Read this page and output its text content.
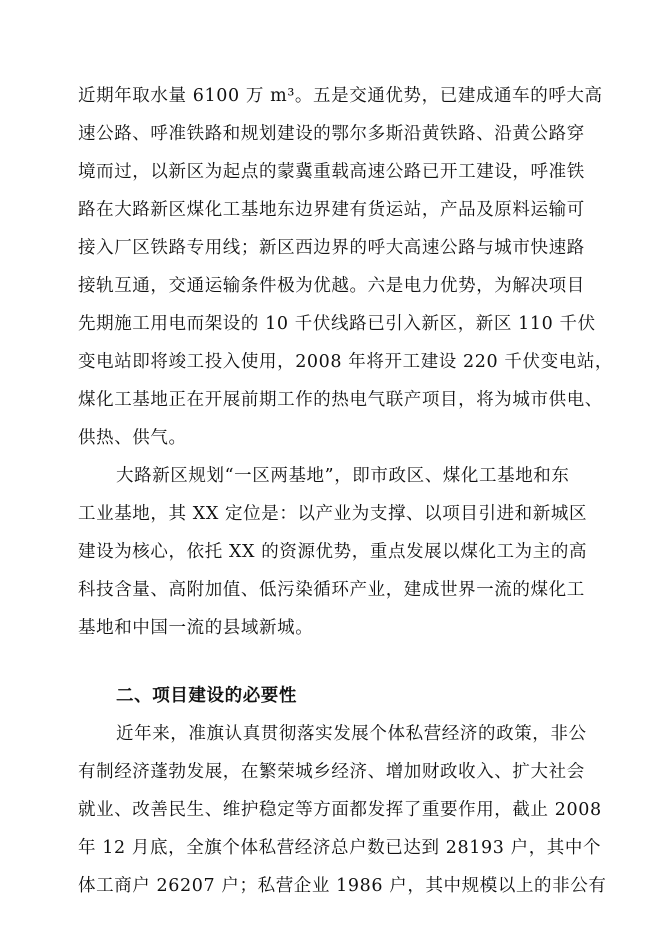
近期年取水量 6100 万 m³。五是交通优势，已建成通车的呼大高
速公路、呼准铁路和规划建设的鄂尔多斯沿黄铁路、沿黄公路穿
境而过，以新区为起点的蒙冀重载高速公路已开工建设，呼准铁
路在大路新区煤化工基地东边界建有货运站，产品及原料运输可
接入厂区铁路专用线；新区西边界的呼大高速公路与城市快速路
接轨互通，交通运输条件极为优越。六是电力优势，为解决项目
先期施工用电而架设的 10 千伏线路已引入新区，新区 110 千伏
变电站即将竣工投入使用，2008 年将开工建设 220 千伏变电站，
煤化工基地正在开展前期工作的热电气联产项目，将为城市供电、
供热、供气。
大路新区规划“一区两基地”，即市政区、煤化工基地和东
工业基地，其 XX 定位是：以产业为支撑、以项目引进和新城区
建设为核心，依托 XX 的资源优势，重点发展以煤化工为主的高
科技含量、高附加值、低污染循环产业，建成世界一流的煤化工
基地和中国一流的县域新城。
二、项目建设的必要性
近年来，准旗认真贯彻落实发展个体私营经济的政策，非公
有制经济蓬勃发展，在繁荣城乡经济、增加财政收入、扩大社会
就业、改善民生、维护稳定等方面都发挥了重要作用，截止 2008
年 12 月底，全旗个体私营经济总户数已达到 28193 户，其中个
体工商户 26207 户；私营企业 1986 户，其中规模以上的非公有
